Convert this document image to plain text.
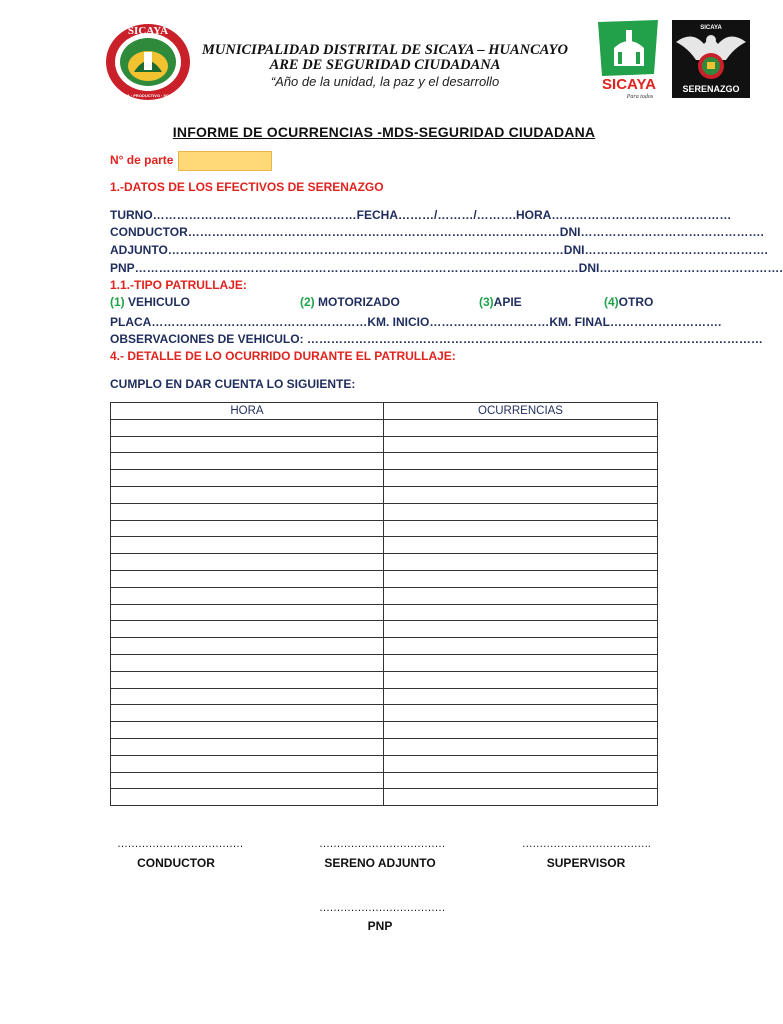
SICAYA
PATRIOTA · PRODUCTIVO · SOLIDARIO
MUNICIPALIDAD DISTRITAL DE SICAYA – HUANCAYO
ARE DE SEGURIDAD CIUDADANA
“Año de la unidad, la paz y el desarrollo	SICAYA
Para todos
SICAYA
SERENAZGO
INFORME DE OCURRENCIAS -MDS-SEGURIDAD CIUDADANA
N° de parte
1.-DATOS DE LOS EFECTIVOS DE SERENAZGO
TURNO……………………………………………FECHA………/………/……….HORA………………………………………
CONDUCTOR…………………………………………………………………………………DNI……………………………………….
ADJUNTO………………………………………………………………………………………DNI……………………………………….
PNP…………………………………………………………………………………………………DNI……………………………………….
1.1.-TIPO PATRULLAJE:
(1) VEHICULO	(2) MOTORIZADO	(3)APIE	(4)OTRO
PLACA………………………………………………KM. INICIO…………………………KM. FINAL……………………….
OBSERVACIONES DE VEHICULO: ……………………………………………………………………………………………………
4.- DETALLE DE LO OCURRIDO DURANTE EL PATRULLAJE:
CUMPLO EN DAR CUENTA LO SIGUIENTE:
HORA	OCURRENCIAS

………………………………	………………………………	……………………………….
CONDUCTOR	SERENO ADJUNTO	SUPERVISOR
………………………………
PNP
